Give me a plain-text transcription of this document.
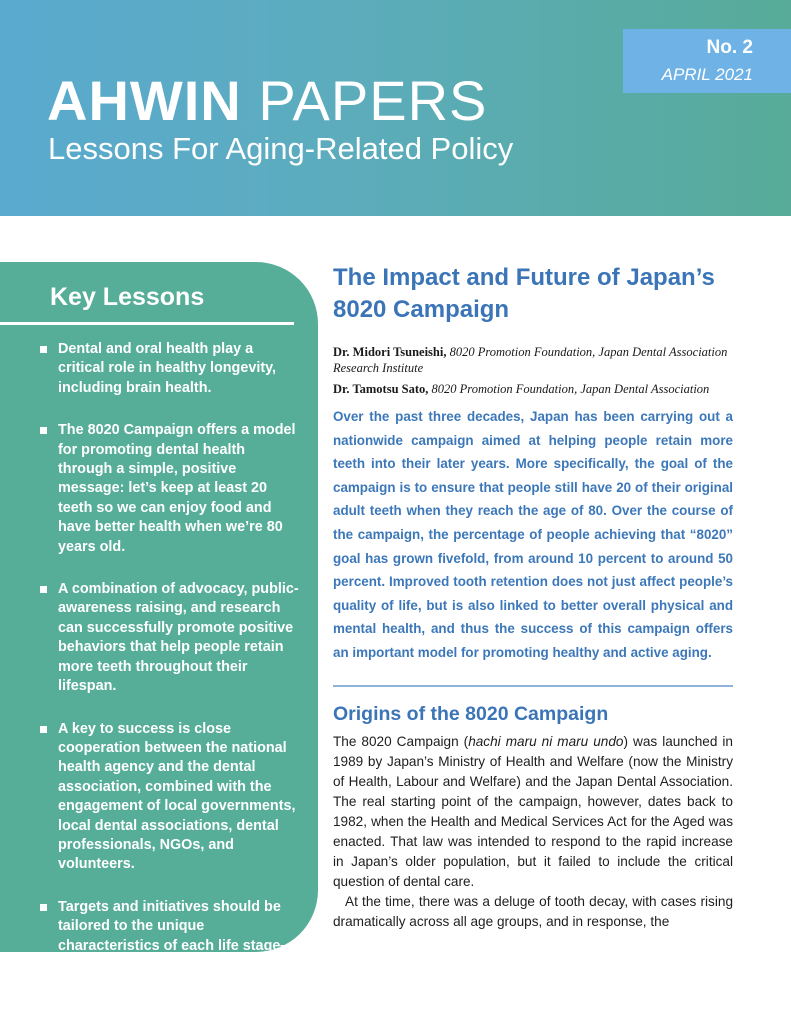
No. 2
APRIL 2021
AHWIN PAPERS
Lessons For Aging-Related Policy
Key Lessons
Dental and oral health play a critical role in healthy longevity, including brain health.
The 8020 Campaign offers a model for promoting dental health through a simple, positive message: let’s keep at least 20 teeth so we can enjoy food and have better health when we’re 80 years old.
A combination of advocacy, public-awareness raising, and research can successfully promote positive behaviors that help people retain more teeth throughout their lifespan.
A key to success is close cooperation between the national health agency and the dental association, combined with the engagement of local governments, local dental associations, dental professionals, NGOs, and volunteers.
Targets and initiatives should be tailored to the unique characteristics of each life stage—from childhood to old age.
The Impact and Future of Japan’s 8020 Campaign
Dr. Midori Tsuneishi, 8020 Promotion Foundation, Japan Dental Association Research Institute
Dr. Tamotsu Sato, 8020 Promotion Foundation, Japan Dental Association

Over the past three decades, Japan has been carrying out a nationwide campaign aimed at helping people retain more teeth into their later years. More specifically, the goal of the campaign is to ensure that people still have 20 of their original adult teeth when they reach the age of 80. Over the course of the campaign, the percentage of people achieving that “8020” goal has grown fivefold, from around 10 percent to around 50 percent. Improved tooth retention does not just affect people’s quality of life, but is also linked to better overall physical and mental health, and thus the success of this campaign offers an important model for promoting healthy and active aging.

Origins of the 8020 Campaign

The 8020 Campaign (hachi maru ni maru undo) was launched in 1989 by Japan’s Ministry of Health and Welfare (now the Ministry of Health, Labour and Welfare) and the Japan Dental Association. The real starting point of the campaign, however, dates back to 1982, when the Health and Medical Services Act for the Aged was enacted. That law was intended to respond to the rapid increase in Japan’s older population, but it failed to include the critical question of dental care.

At the time, there was a deluge of tooth decay, with cases rising dramatically across all age groups, and in response, the
